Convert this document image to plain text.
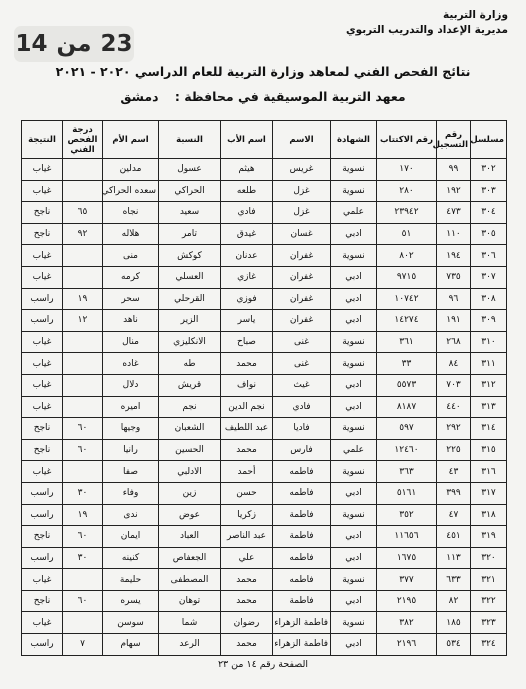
وزارة التربية
مديرية الإعداد والتدريب التربوي
14 من 23
نتائج الفحص الفني لمعاهد وزارة التربية للعام الدراسي ٢٠٢٠ - ٢٠٢١
معهد التربية الموسيقية في محافظة : دمشق
مسلسل	رقم التسجيل	رقم الاكتتاب	الشهادة	الاسم	اسم الأب	النسبة	اسم الأم	درجة الفحص الفني	النتيجة
٣٠٢	٩٩	١٧٠	نسوية	غريس	هيثم	عسول	مدلين		غياب
٣٠٣	١٩٢	٢٨٠	نسوية	غزل	طلعه	الحراكي	سعده الحراكي		غياب
٣٠٤	٤٧٣	٢٣٩٤٢	علمي	غزل	فادي	سعيد	نجاه	٦٥	ناجح
٣٠٥	١١٠	٥١	ادبي	غسان	غيدق	تامر	هلاله	٩٢	ناجح
٣٠٦	١٩٤	٨٠٢	نسوية	غفران	عدنان	كوكش	منى		غياب
٣٠٧	٧٣٥	٩٧١٥	ادبي	غفران	غازي	العسلي	كرمه		غياب
٣٠٨	٩٦	١٠٧٤٢	ادبي	غفران	فوزي	القرحلي	سحر	١٩	راسب
٣٠٩	١٩١	١٤٢٧٤	ادبي	غفران	ياسر	الزير	ناهد	١٢	راسب
٣١٠	٢٦٨	٣٦١	نسوية	غنى	صباح	الانكليزي	منال		غياب
٣١١	٨٤	٣٣	نسوية	غنى	محمد	طه	غاده		غياب
٣١٢	٧٠٣	٥٥٧٣	ادبي	غيث	نواف	قريش	دلال		غياب
٣١٣	٤٤٠	٨١٨٧	ادبي	فادي	نجم الدين	نجم	اميره		غياب
٣١٤	٢٩٢	٥٩٧	نسوية	فاديا	عبد اللطيف	الشعبان	وجيها	٦٠	ناجح
٣١٥	٢٢٥	١٢٤٦٠	علمي	فارس	محمد	الحسين	رانيا	٦٠	ناجح
٣١٦	٤٣	٣٦٣	نسوية	فاطمه	أحمد	الادلبي	صفا		غياب
٣١٧	٣٩٩	٥١٦١	ادبي	فاطمه	حسن	زين	وفاء	٣٠	راسب
٣١٨	٤٧	٣٥٢	نسوية	فاطمة	زكريا	عوض	ندى	١٩	راسب
٣١٩	٤٥١	١١٦٥٦	ادبي	فاطمة	عبد الناصر	العباد	ايمان	٦٠	ناجح
٣٢٠	١١٣	١٦٧٥	ادبي	فاطمه	علي	الجعفاص	كنينه	٣٠	راسب
٣٢١	٦٣٣	٣٧٧	نسوية	فاطمه	محمد	المصطفى	حليمة		غياب
٣٢٢	٨٢	٢١٩٥	ادبي	فاطمة	محمد	توهان	يسره	٦٠	ناجح
٣٢٣	١٨٥	٣٨٢	نسوية	فاطمة الزهراء	رضوان	شما	سوسن		غياب
٣٢٤	٥٣٤	٢١٩٦	ادبي	فاطمة الزهراء	محمد	الرعد	سهام	٧	راسب
الصفحة رقم ١٤ من ٢٣
